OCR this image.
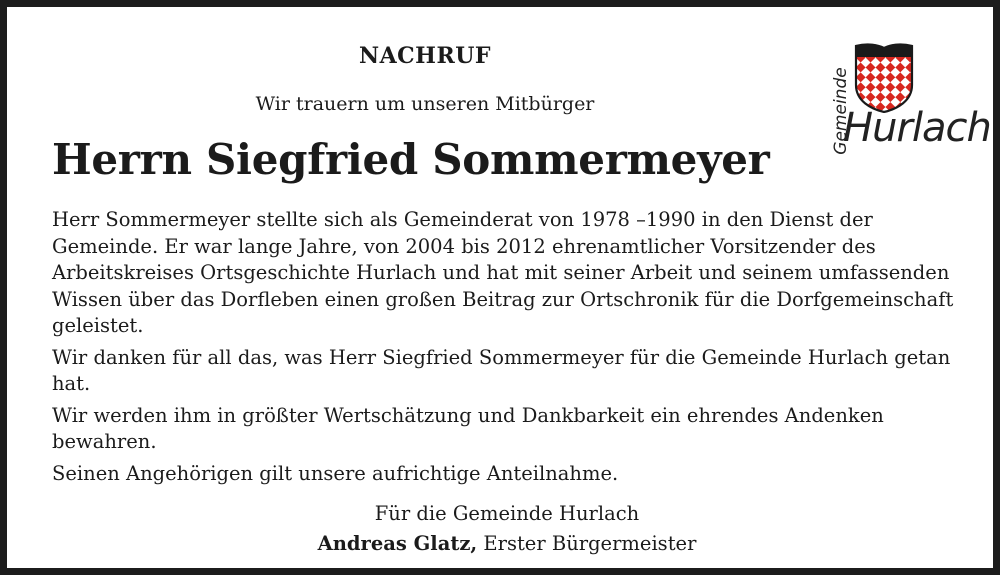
NACHRUF
Wir trauern um unseren Mitbürger
Herrn Siegfried Sommermeyer

Herr Sommermeyer stellte sich als Gemeinderat von 1978 –1990 in den Dienst der Gemeinde. Er war lange Jahre, von 2004 bis 2012 ehrenamtlicher Vorsitzender des Arbeitskreises Ortsgeschichte Hurlach und hat mit seiner Arbeit und seinem umfassenden Wissen über das Dorfleben einen großen Beitrag zur Ortschronik für die Dorfgemeinschaft geleistet.

Wir danken für all das, was Herr Siegfried Sommermeyer für die Gemeinde Hurlach getan hat.

Wir werden ihm in größter Wertschätzung und Dankbarkeit ein ehrendes Andenken bewahren.

Seinen Angehörigen gilt unsere aufrichtige Anteilnahme.

Für die Gemeinde Hurlach
Andreas Glatz, Erster Bürgermeister
Gemeinde
Hurlach
